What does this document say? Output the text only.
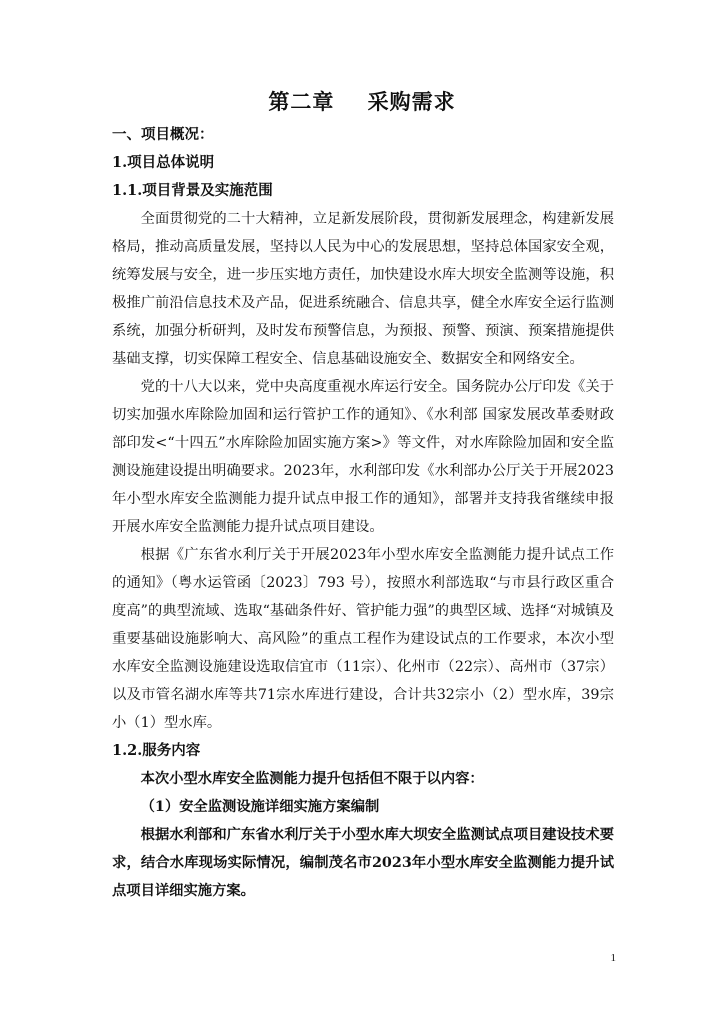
第二章    采购需求

一、项目概况：

1.项目总体说明

1.1.项目背景及实施范围

全面贯彻党的二十大精神，立足新发展阶段，贯彻新发展理念，构建新发展格局，推动高质量发展，坚持以人民为中心的发展思想，坚持总体国家安全观，统筹发展与安全，进一步压实地方责任，加快建设水库大坝安全监测等设施，积极推广前沿信息技术及产品，促进系统融合、信息共享，健全水库安全运行监测系统，加强分析研判，及时发布预警信息，为预报、预警、预演、预案措施提供基础支撑，切实保障工程安全、信息基础设施安全、数据安全和网络安全。

党的十八大以来，党中央高度重视水库运行安全。国务院办公厅印发《关于切实加强水库除险加固和运行管护工作的通知》、《水利部 国家发展改革委财政部印发<“十四五”水库除险加固实施方案>》等文件，对水库除险加固和安全监测设施建设提出明确要求。2023年，水利部印发《水利部办公厅关于开展2023年小型水库安全监测能力提升试点申报工作的通知》，部署并支持我省继续申报开展水库安全监测能力提升试点项目建设。

根据《广东省水利厅关于开展2023年小型水库安全监测能力提升试点工作的通知》（粤水运管函〔2023〕793 号），按照水利部选取“与市县行政区重合度高”的典型流域、选取“基础条件好、管护能力强”的典型区域、选择“对城镇及重要基础设施影响大、高风险”的重点工程作为建设试点的工作要求，本次小型水库安全监测设施建设选取信宜市（11宗）、化州市（22宗）、高州市（37宗）以及市管名湖水库等共71宗水库进行建设，合计共32宗小（2）型水库，39宗小（1）型水库。

1.2.服务内容

本次小型水库安全监测能力提升包括但不限于以内容：

（1）安全监测设施详细实施方案编制

根据水利部和广东省水利厅关于小型水库大坝安全监测试点项目建设技术要求，结合水库现场实际情况，编制茂名市2023年小型水库安全监测能力提升试点项目详细实施方案。

1
